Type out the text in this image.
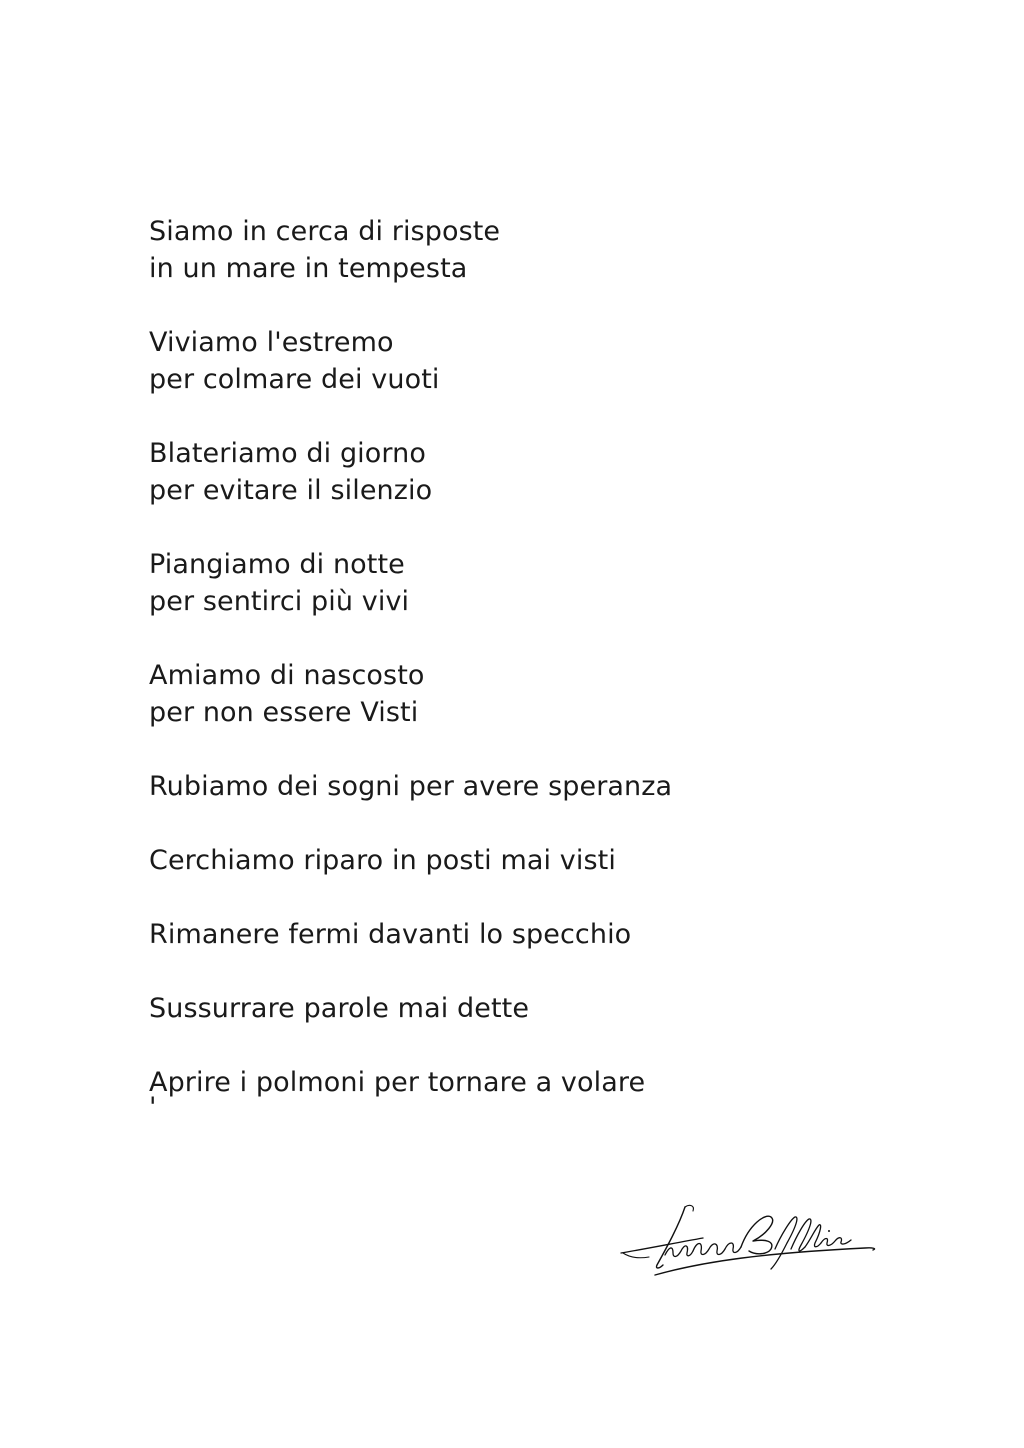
Siamo in cerca di risposte
in un mare in tempesta
Viviamo l'estremo
per colmare dei vuoti
Blateriamo di giorno
per evitare il silenzio
Piangiamo di notte
per sentirci più vivi
Amiamo di nascosto
per non essere Visti
Rubiamo dei sogni per avere speranza
Cerchiamo riparo in posti mai visti
Rimanere fermi davanti lo specchio
Sussurrare parole mai dette
Aprire i polmoni per tornare a volare
'
